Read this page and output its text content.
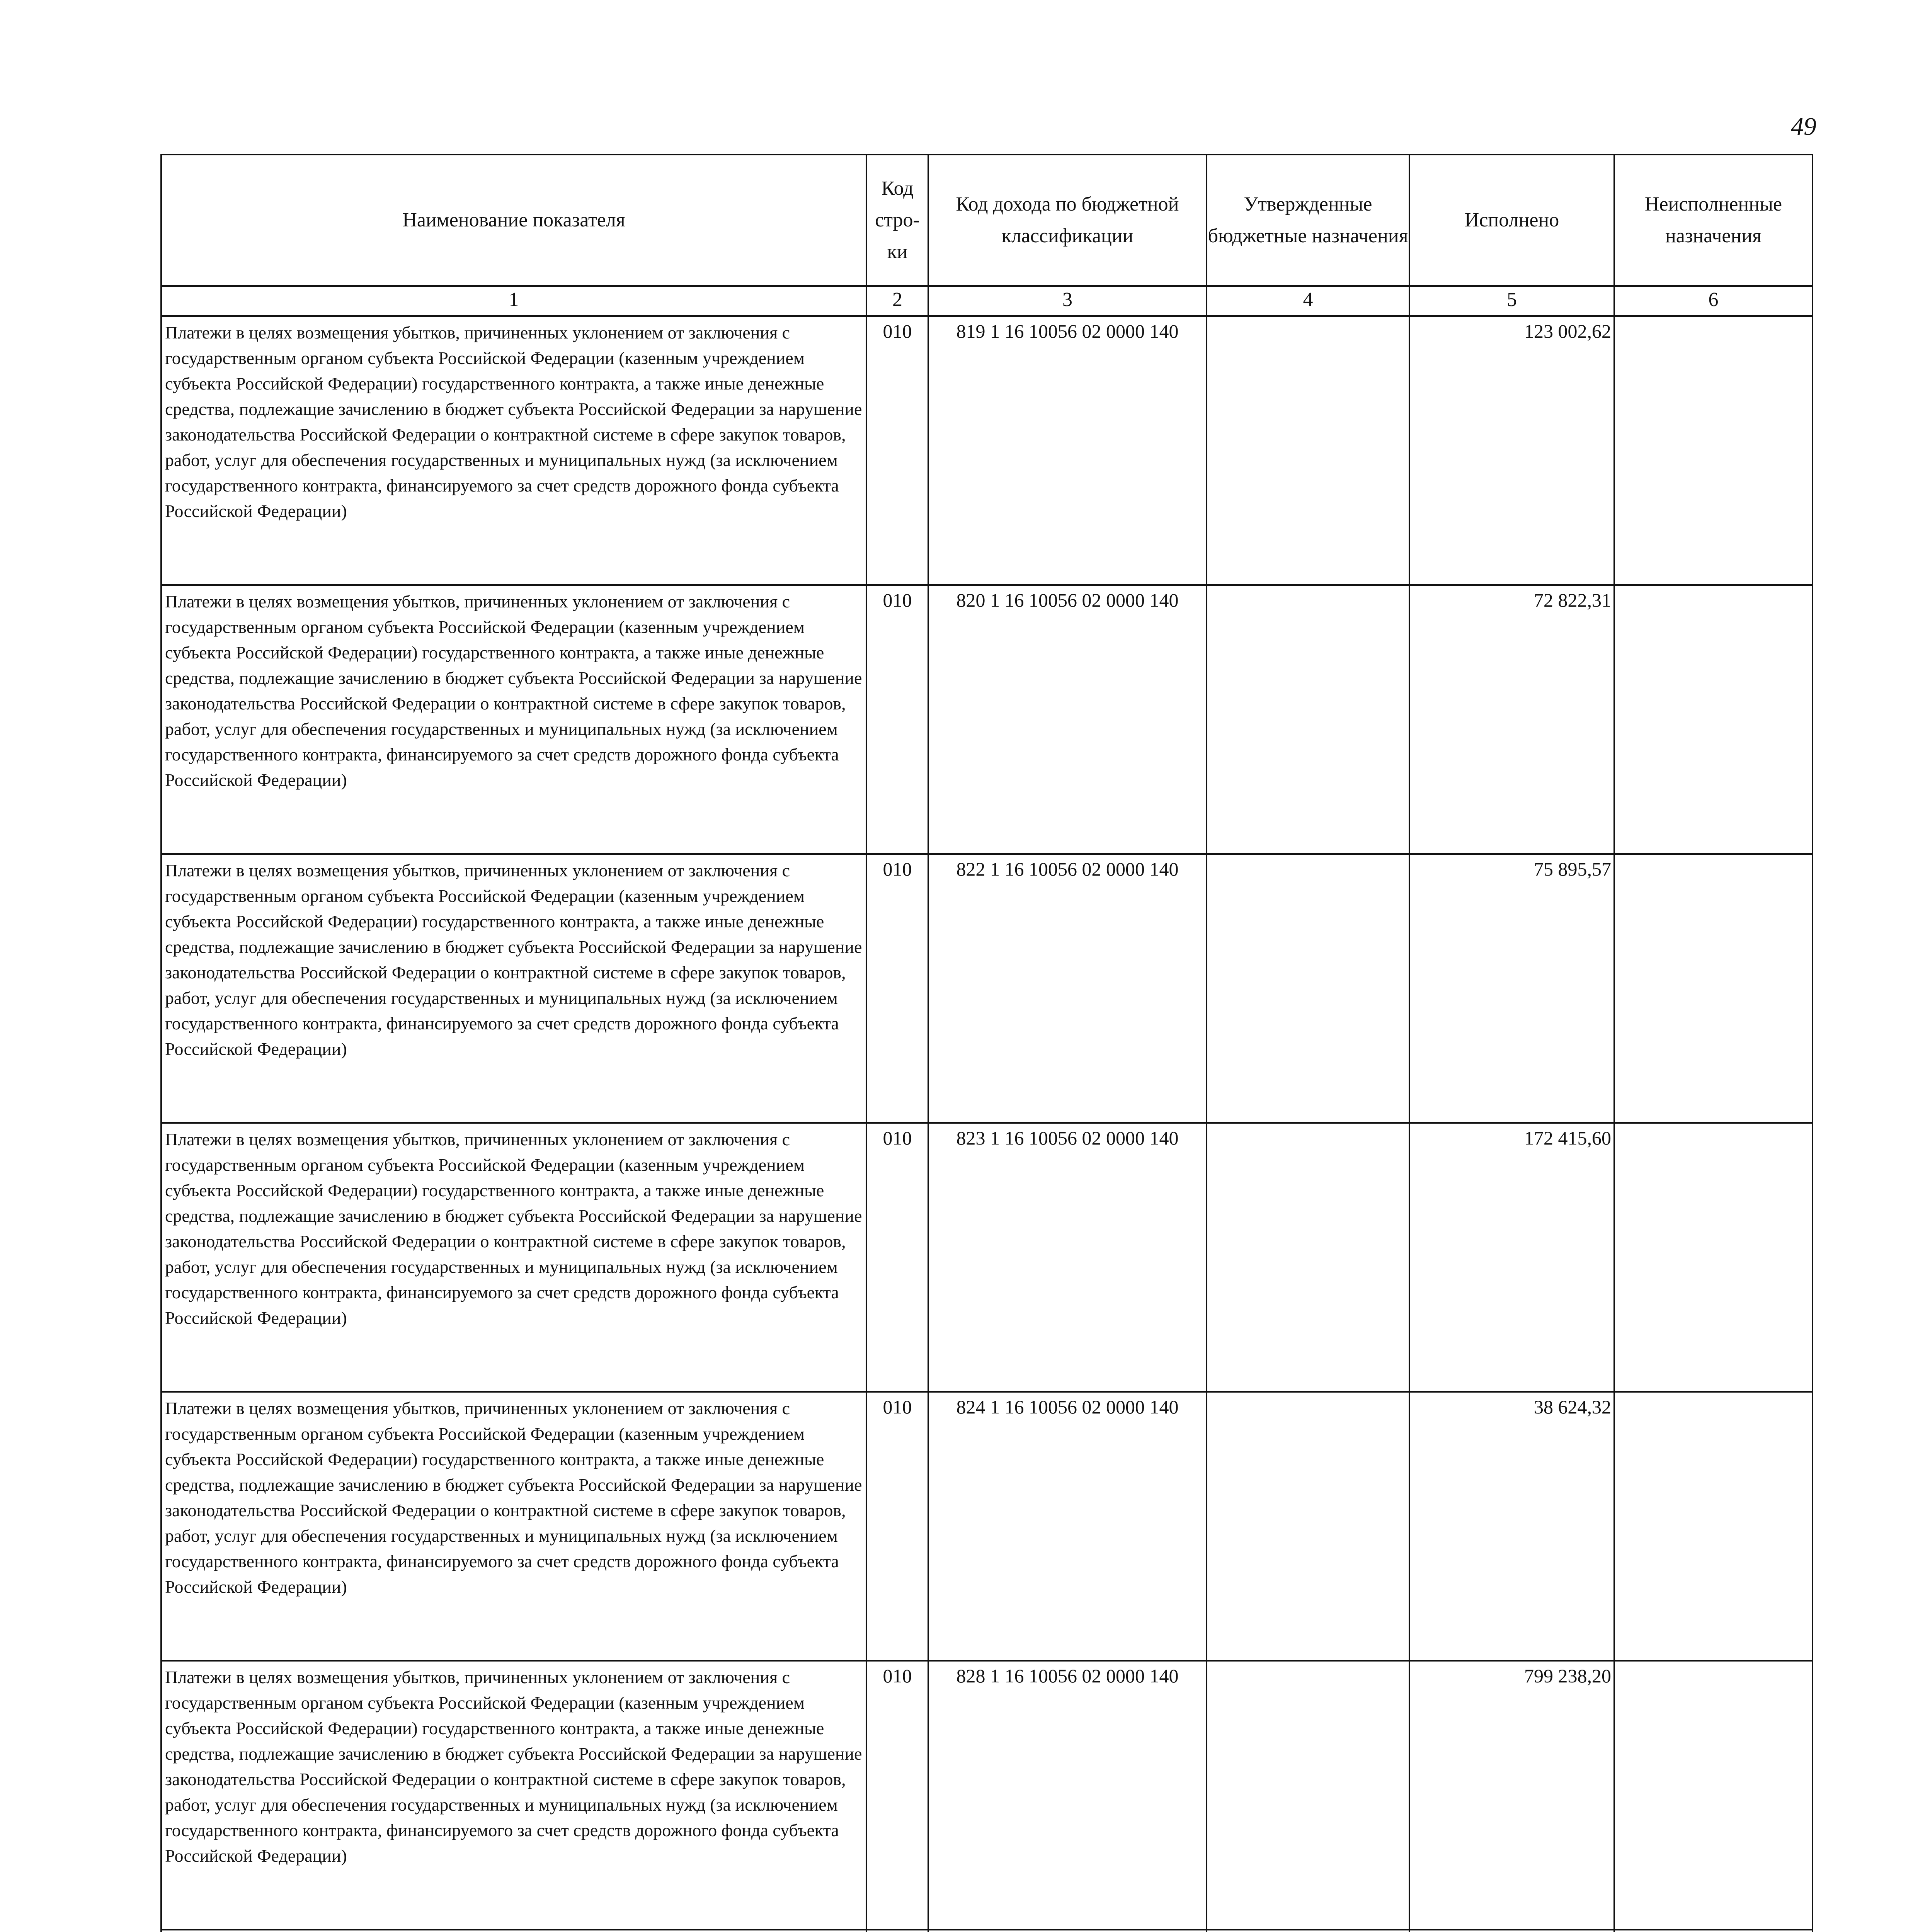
49
Наименование показателя	Код стро-ки	Код дохода по бюджетной классификации	Утвержденные бюджетные назначения	Исполнено	Неисполненные назначения
1	2	3	4	5	6
Платежи в целях возмещения убытков, причиненных уклонением от заключения с государственным органом субъекта Российской Федерации (казенным учреждением субъекта Российской Федерации) государственного контракта, а также иные денежные средства, подлежащие зачислению в бюджет субъекта Российской Федерации за нарушение законодательства Российской Федерации о контрактной системе в сфере закупок товаров, работ, услуг для обеспечения государственных и муниципальных нужд (за исключением государственного контракта, финансируемого за счет средств дорожного фонда субъекта Российской Федерации)	010	819 1 16 10056 02 0000 140		123 002,62	
Платежи в целях возмещения убытков, причиненных уклонением от заключения с государственным органом субъекта Российской Федерации (казенным учреждением субъекта Российской Федерации) государственного контракта, а также иные денежные средства, подлежащие зачислению в бюджет субъекта Российской Федерации за нарушение законодательства Российской Федерации о контрактной системе в сфере закупок товаров, работ, услуг для обеспечения государственных и муниципальных нужд (за исключением государственного контракта, финансируемого за счет средств дорожного фонда субъекта Российской Федерации)	010	820 1 16 10056 02 0000 140		72 822,31	
Платежи в целях возмещения убытков, причиненных уклонением от заключения с государственным органом субъекта Российской Федерации (казенным учреждением субъекта Российской Федерации) государственного контракта, а также иные денежные средства, подлежащие зачислению в бюджет субъекта Российской Федерации за нарушение законодательства Российской Федерации о контрактной системе в сфере закупок товаров, работ, услуг для обеспечения государственных и муниципальных нужд (за исключением государственного контракта, финансируемого за счет средств дорожного фонда субъекта Российской Федерации)	010	822 1 16 10056 02 0000 140		75 895,57	
Платежи в целях возмещения убытков, причиненных уклонением от заключения с государственным органом субъекта Российской Федерации (казенным учреждением субъекта Российской Федерации) государственного контракта, а также иные денежные средства, подлежащие зачислению в бюджет субъекта Российской Федерации за нарушение законодательства Российской Федерации о контрактной системе в сфере закупок товаров, работ, услуг для обеспечения государственных и муниципальных нужд (за исключением государственного контракта, финансируемого за счет средств дорожного фонда субъекта Российской Федерации)	010	823 1 16 10056 02 0000 140		172 415,60	
Платежи в целях возмещения убытков, причиненных уклонением от заключения с государственным органом субъекта Российской Федерации (казенным учреждением субъекта Российской Федерации) государственного контракта, а также иные денежные средства, подлежащие зачислению в бюджет субъекта Российской Федерации за нарушение законодательства Российской Федерации о контрактной системе в сфере закупок товаров, работ, услуг для обеспечения государственных и муниципальных нужд (за исключением государственного контракта, финансируемого за счет средств дорожного фонда субъекта Российской Федерации)	010	824 1 16 10056 02 0000 140		38 624,32	
Платежи в целях возмещения убытков, причиненных уклонением от заключения с государственным органом субъекта Российской Федерации (казенным учреждением субъекта Российской Федерации) государственного контракта, а также иные денежные средства, подлежащие зачислению в бюджет субъекта Российской Федерации за нарушение законодательства Российской Федерации о контрактной системе в сфере закупок товаров, работ, услуг для обеспечения государственных и муниципальных нужд (за исключением государственного контракта, финансируемого за счет средств дорожного фонда субъекта Российской Федерации)	010	828 1 16 10056 02 0000 140		799 238,20	
